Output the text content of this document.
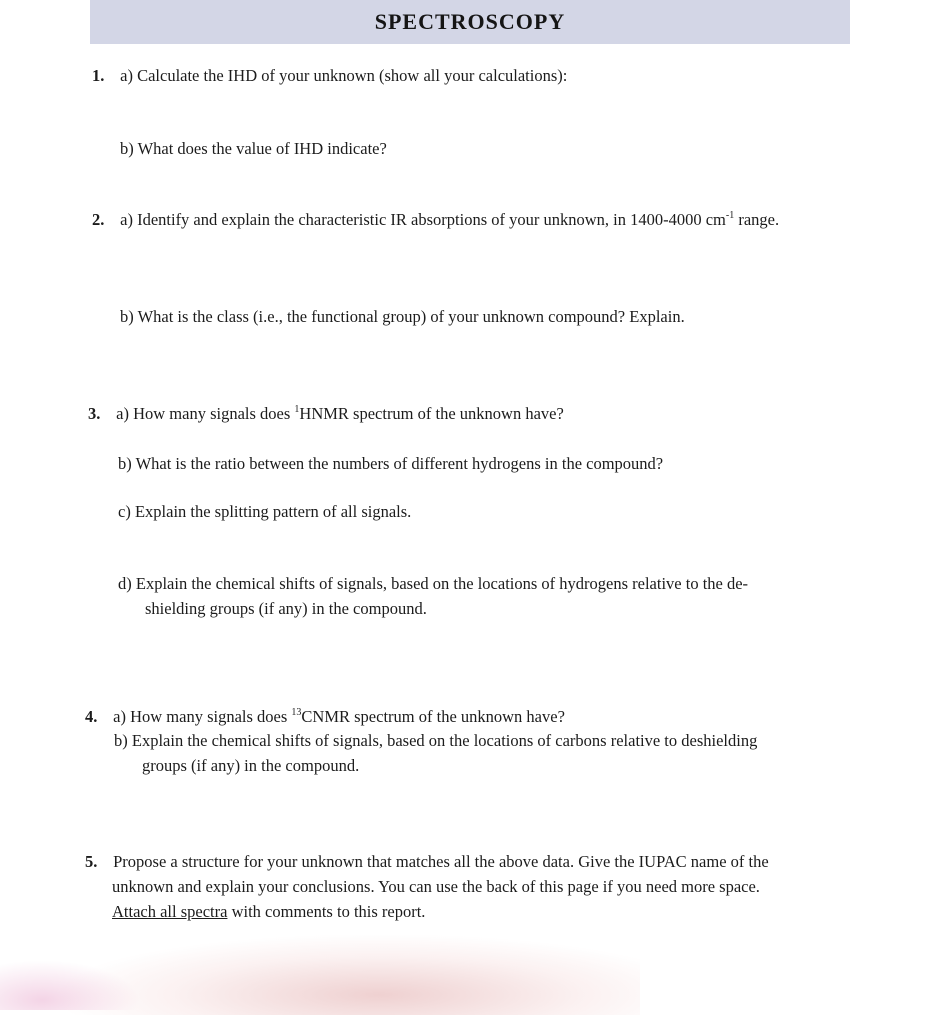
SPECTROSCOPY
1. a) Calculate the IHD of your unknown (show all your calculations):
b) What does the value of IHD indicate?
2. a) Identify and explain the characteristic IR absorptions of your unknown, in 1400-4000 $cm^{-1}$ range.
b) What is the class (i.e., the functional group) of your unknown compound? Explain.
3. a) How many signals does $^1$HNMR spectrum of the unknown have?
b) What is the ratio between the numbers of different hydrogens in the compound?
c) Explain the splitting pattern of all signals.
d) Explain the chemical shifts of signals, based on the locations of hydrogens relative to the de-
shielding groups (if any) in the compound.
4. a) How many signals does $^{13}$CNMR spectrum of the unknown have?
b) Explain the chemical shifts of signals, based on the locations of carbons relative to deshielding
groups (if any) in the compound.
5. Propose a structure for your unknown that matches all the above data. Give the IUPAC name of the
unknown and explain your conclusions. You can use the back of this page if you need more space.
Attach all spectra with comments to this report.
